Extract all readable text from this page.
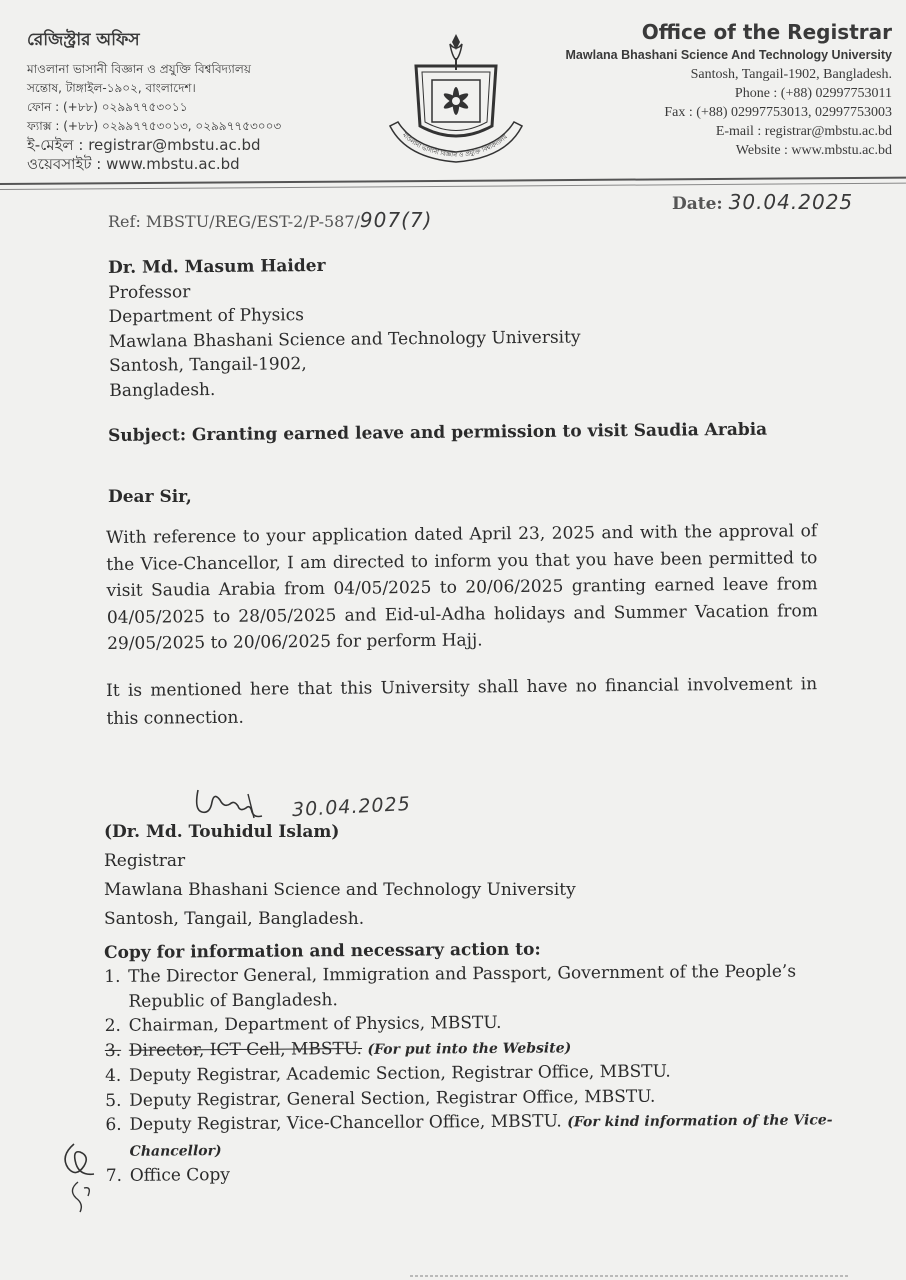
রেজিস্ট্রার অফিস
মাওলানা ভাসানী বিজ্ঞান ও প্রযুক্তি বিশ্ববিদ্যালয়
সন্তোষ, টাঙ্গাইল-১৯০২, বাংলাদেশ।
ফোন : (+৮৮) ০২৯৯৭৭৫৩০১১
ফ্যাক্স : (+৮৮) ০২৯৯৭৭৫৩০১৩, ০২৯৯৭৭৫৩০০৩
ই-মেইল : registrar@mbstu.ac.bd
ওয়েবসাইট : www.mbstu.ac.bd
মাওলানা ভাসানী বিজ্ঞান ও প্রযুক্তি বিশ্ববিদ্যালয়
Office of the Registrar
Mawlana Bhashani Science And Technology University
Santosh, Tangail-1902, Bangladesh.
Phone : (+88) 02997753011
Fax : (+88) 02997753013, 02997753003
E-mail : registrar@mbstu.ac.bd
Website : www.mbstu.ac.bd
Ref: MBSTU/REG/EST-2/P-587/907(7)
Date: 30.04.2025
Dr. Md. Masum Haider
Professor
Department of Physics
Mawlana Bhashani Science and Technology University
Santosh, Tangail-1902,
Bangladesh.
Subject: Granting earned leave and permission to visit Saudia Arabia
Dear Sir,
With reference to your application dated April 23, 2025 and with the approval of the Vice-Chancellor, I am directed to inform you that you have been permitted to visit Saudia Arabia from 04/05/2025 to 20/06/2025 granting earned leave from 04/05/2025 to 28/05/2025 and Eid-ul-Adha holidays and Summer Vacation from 29/05/2025 to 20/06/2025 for perform Hajj.
It is mentioned here that this University shall have no financial involvement in this connection.
30.04.2025
(Dr. Md. Touhidul Islam)
Registrar
Mawlana Bhashani Science and Technology University
Santosh, Tangail, Bangladesh.
Copy for information and necessary action to:
1. The Director General, Immigration and Passport, Government of the People’s Republic of Bangladesh.
2. Chairman, Department of Physics, MBSTU.
3. Director, ICT Cell, MBSTU. (For put into the Website)
4. Deputy Registrar, Academic Section, Registrar Office, MBSTU.
5. Deputy Registrar, General Section, Registrar Office, MBSTU.
6. Deputy Registrar, Vice-Chancellor Office, MBSTU. (For kind information of the Vice-Chancellor)
7. Office Copy
